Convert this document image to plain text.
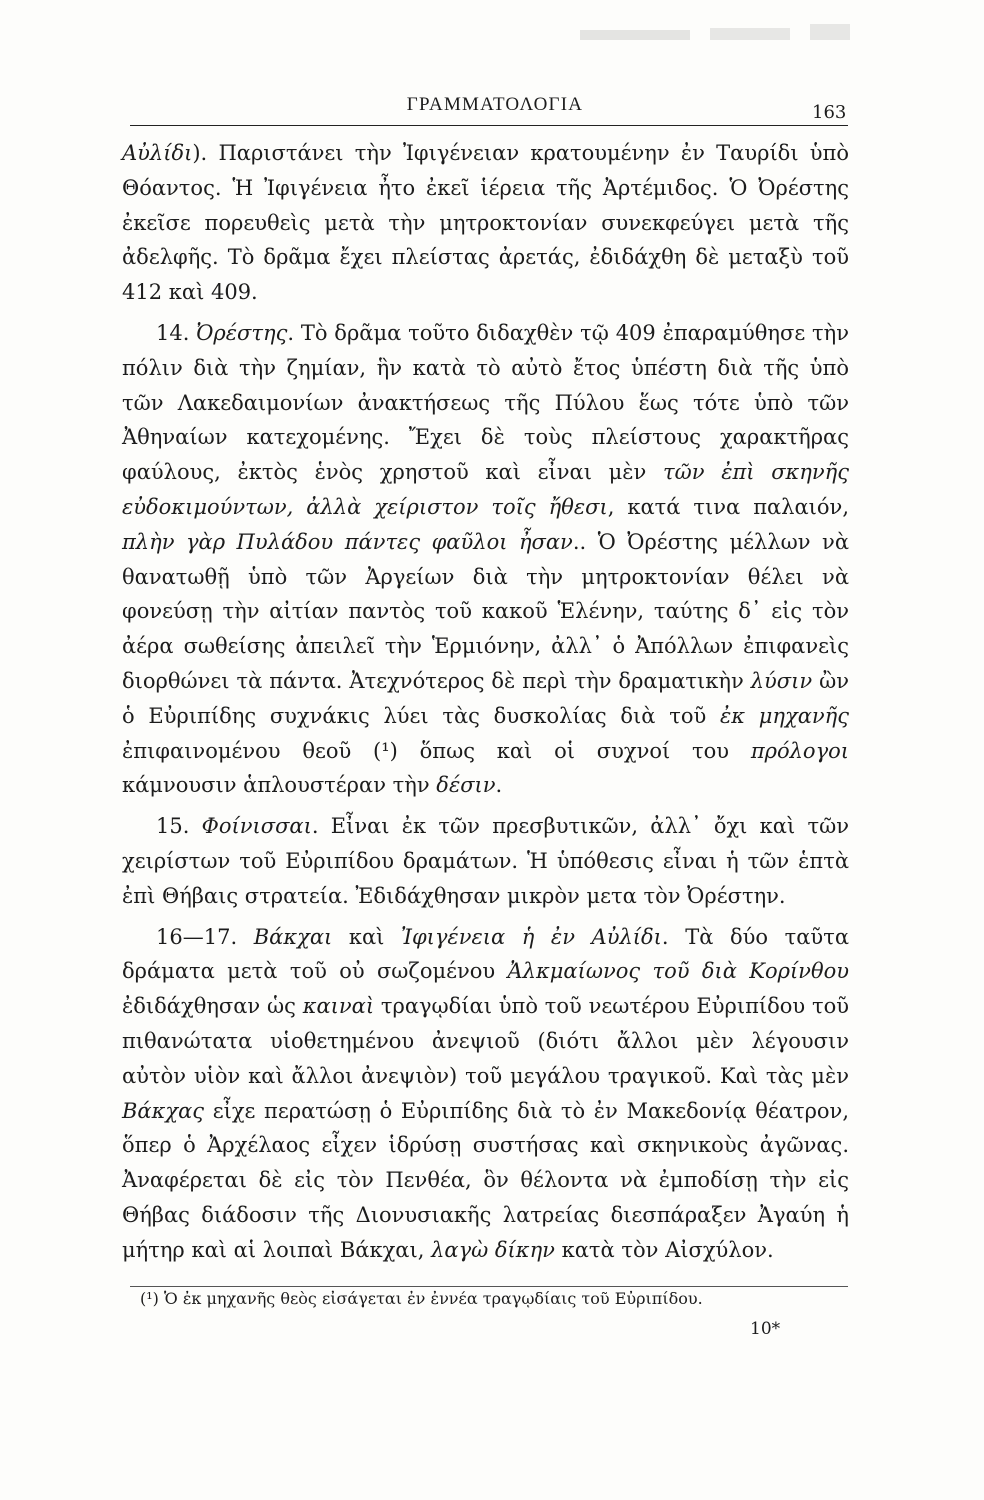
ΓΡΑΜΜΑΤΟΛΟΓΙΑ	163

Αὐλίδι). Παριστάνει τὴν Ἰφιγένειαν κρατουμένην ἐν Ταυρίδι ὑπὸ Θόαντος. Ἡ Ἰφιγένεια ἦτο ἐκεῖ ἱέρεια τῆς Ἀρτέμιδος. Ὁ Ὀρέστης ἐκεῖσε πορευθεὶς μετὰ τὴν μητροκτονίαν συνεκφεύγει μετὰ τῆς ἀδελφῆς. Τὸ δρᾶμα ἔχει πλείστας ἀρετάς, ἐδιδάχθη δὲ μεταξὺ τοῦ 412 καὶ 409.

14. Ὀρέστης. Τὸ δρᾶμα τοῦτο διδαχθὲν τῷ 409 ἐπαραμύθησε τὴν πόλιν διὰ τὴν ζημίαν, ἣν κατὰ τὸ αὐτὸ ἔτος ὑπέστη διὰ τῆς ὑπὸ τῶν Λακεδαιμονίων ἀνακτήσεως τῆς Πύλου ἕως τότε ὑπὸ τῶν Ἀθηναίων κατεχομένης. Ἔχει δὲ τοὺς πλείστους χαρακτῆρας φαύλους, ἐκτὸς ἑνὸς χρηστοῦ καὶ εἶναι μὲν τῶν ἐπὶ σκηνῆς εὐδοκιμούντων, ἀλλὰ χείριστον τοῖς ἤθεσι, κατά τινα παλαιόν, πλὴν γὰρ Πυλάδου πάντες φαῦλοι ἦσαν.. Ὁ Ὀρέστης μέλλων νὰ θανατωθῇ ὑπὸ τῶν Ἀργείων διὰ τὴν μητροκτονίαν θέλει νὰ φονεύσῃ τὴν αἰτίαν παντὸς τοῦ κακοῦ Ἑλένην, ταύτης δ᾽ εἰς τὸν ἀέρα σωθείσης ἀπειλεῖ τὴν Ἑρμιόνην, ἀλλ᾽ ὁ Ἀπόλλων ἐπιφανεὶς διορθώνει τὰ πάντα. Ἀτεχνότερος δὲ περὶ τὴν δραματικὴν λύσιν ὢν ὁ Εὐριπίδης συχνάκις λύει τὰς δυσκολίας διὰ τοῦ ἐκ μηχανῆς ἐπιφαινομένου θεοῦ (¹) ὅπως καὶ οἱ συχνοί του πρόλογοι κάμνουσιν ἁπλουστέραν τὴν δέσιν.

15. Φοίνισσαι. Εἶναι ἐκ τῶν πρεσβυτικῶν, ἀλλ᾽ ὄχι καὶ τῶν χειρίστων τοῦ Εὐριπίδου δραμάτων. Ἡ ὑπόθεσις εἶναι ἡ τῶν ἑπτὰ ἐπὶ Θήβαις στρατεία. Ἐδιδάχθησαν μικρὸν μετα τὸν Ὀρέστην.

16—17. Βάκχαι καὶ Ἰφιγένεια ἡ ἐν Αὐλίδι. Τὰ δύο ταῦτα δράματα μετὰ τοῦ οὐ σωζομένου Ἀλκμαίωνος τοῦ διὰ Κορίνθου ἐδιδάχθησαν ὡς καιναὶ τραγῳδίαι ὑπὸ τοῦ νεωτέρου Εὐριπίδου τοῦ πιθανώτατα υἱοθετημένου ἀνεψιοῦ (διότι ἄλλοι μὲν λέγουσιν αὐτὸν υἱὸν καὶ ἄλλοι ἀνεψιὸν) τοῦ μεγάλου τραγικοῦ. Καὶ τὰς μὲν Βάκχας εἶχε περατώσῃ ὁ Εὐριπίδης διὰ τὸ ἐν Μακεδονίᾳ θέατρον, ὅπερ ὁ Ἀρχέλαος εἶχεν ἱδρύσῃ συστήσας καὶ σκηνικοὺς ἀγῶνας. Ἀναφέρεται δὲ εἰς τὸν Πενθέα, ὃν θέλοντα νὰ ἐμποδίσῃ τὴν εἰς Θήβας διάδοσιν τῆς Διονυσιακῆς λατρείας διεσπάραξεν Ἀγαύη ἡ μήτηρ καὶ αἱ λοιπαὶ Βάκχαι, λαγὼ δίκην κατὰ τὸν Αἰσχύλον.

(¹) Ὁ ἐκ μηχανῆς θεὸς εἰσάγεται ἐν ἐννέα τραγῳδίαις τοῦ Εὐριπίδου.
10*
